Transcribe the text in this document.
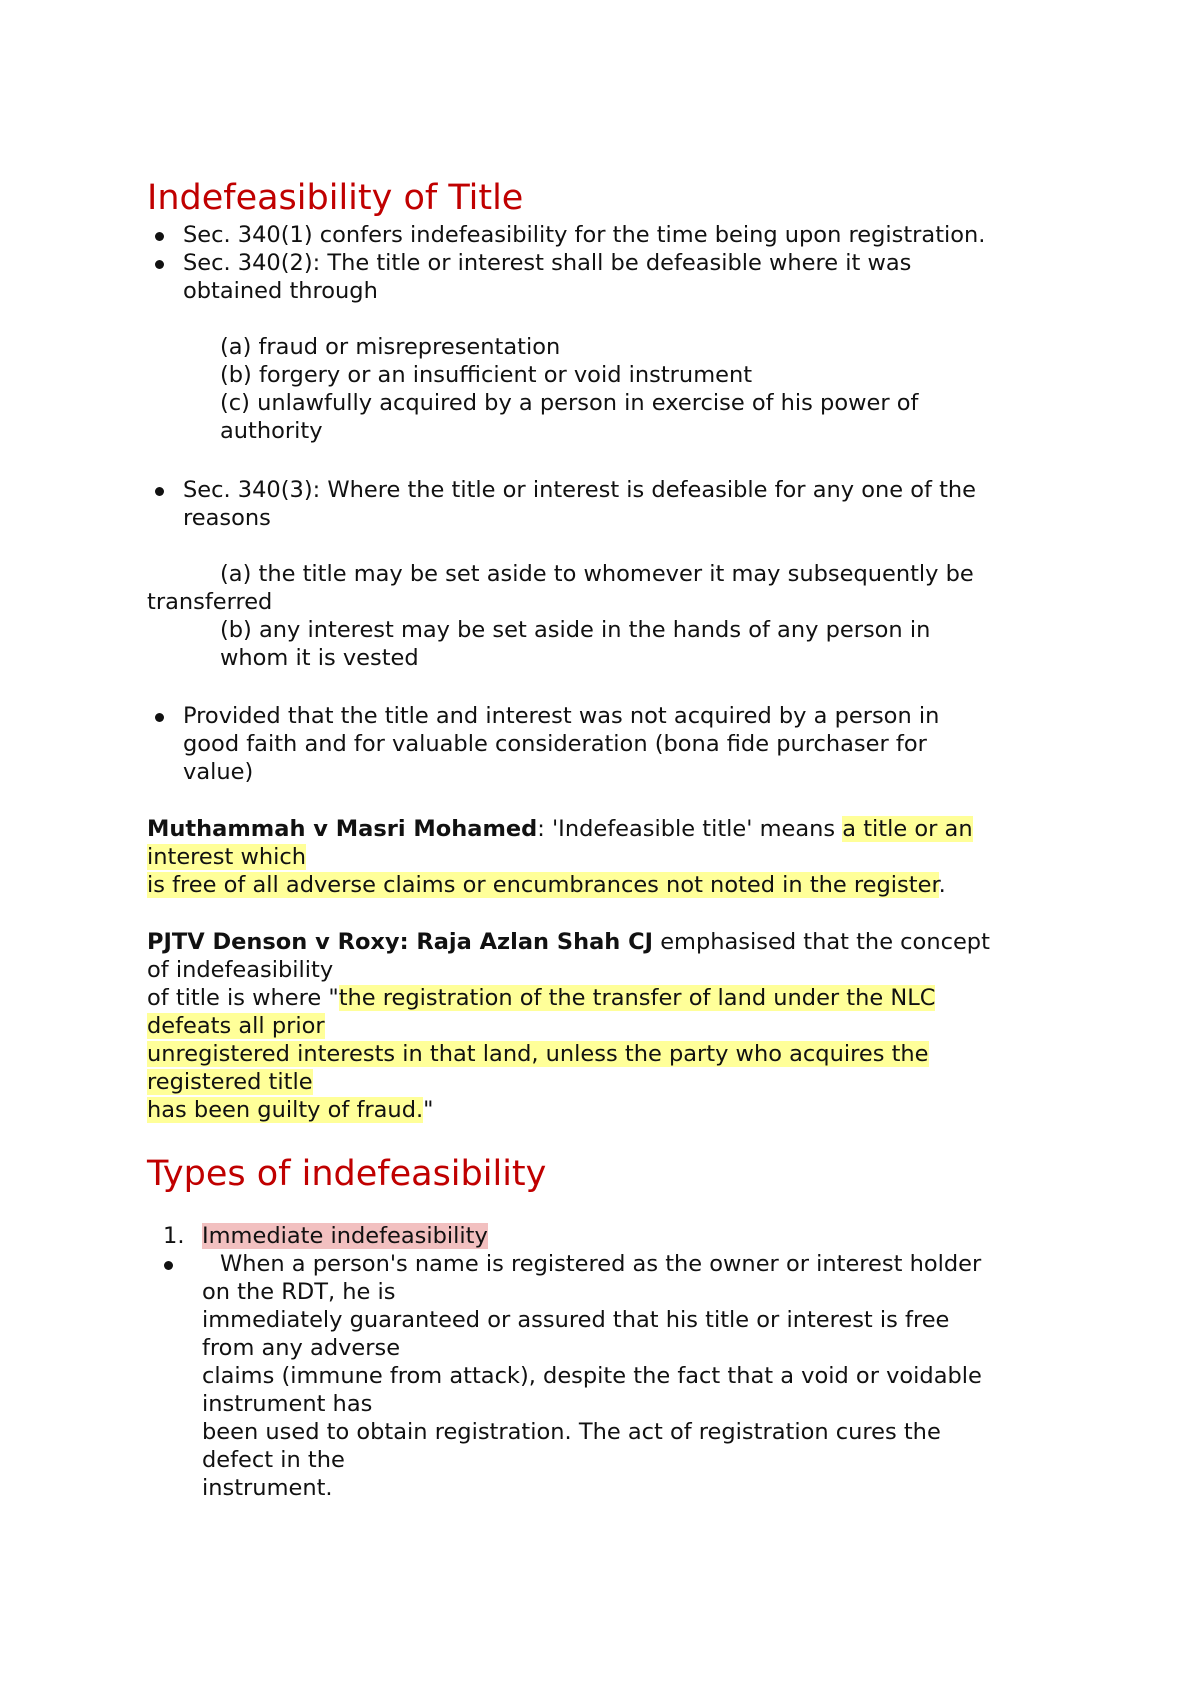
Indefeasibility of Title
Sec. 340(1) confers indefeasibility for the time being upon registration.
Sec. 340(2): The title or interest shall be defeasible where it was
obtained through
(a) fraud or misrepresentation
(b) forgery or an insufficient or void instrument
(c) unlawfully acquired by a person in exercise of his power of
authority
Sec. 340(3): Where the title or interest is defeasible for any one of the
reasons
(a) the title may be set aside to whomever it may subsequently be
transferred
(b) any interest may be set aside in the hands of any person in
whom it is vested
Provided that the title and interest was not acquired by a person in
good faith and for valuable consideration (bona fide purchaser for
value)
Muthammah v Masri Mohamed: 'Indefeasible title' means a title or an
interest which
is free of all adverse claims or encumbrances not noted in the register.
PJTV Denson v Roxy: Raja Azlan Shah CJ emphasised that the concept
of indefeasibility
of title is where "the registration of the transfer of land under the NLC
defeats all prior
unregistered interests in that land, unless the party who acquires the
registered title
has been guilty of fraud."
Types of indefeasibility
1. Immediate indefeasibility
When a person's name is registered as the owner or interest holder
on the RDT, he is
immediately guaranteed or assured that his title or interest is free
from any adverse
claims (immune from attack), despite the fact that a void or voidable
instrument has
been used to obtain registration. The act of registration cures the
defect in the
instrument.
